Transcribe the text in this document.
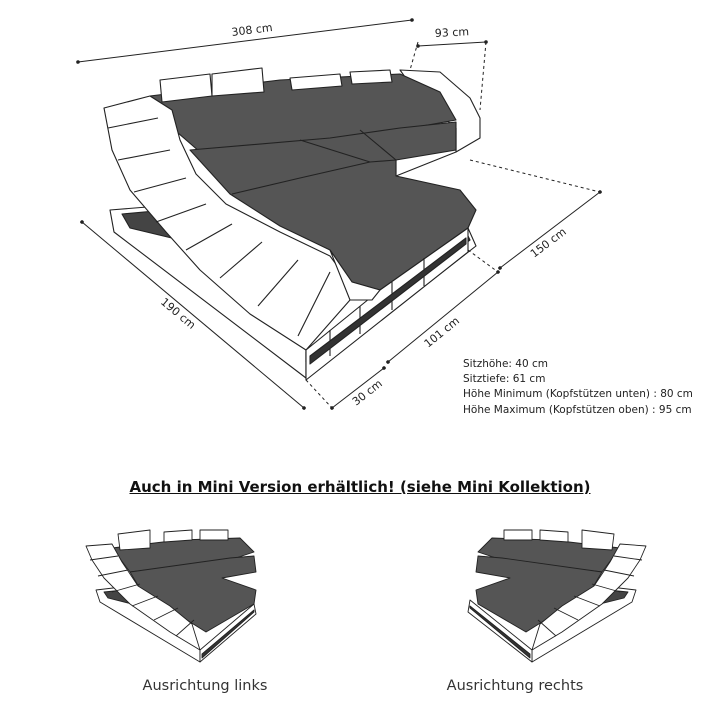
308 cm	93 cm
150 cm
190 cm
101 cm
30 cm
Sitzhöhe: 40 cm
Sitztiefe: 61 cm
Höhe Minimum (Kopfstützen unten) : 80 cm
Höhe Maximum (Kopfstützen oben) : 95 cm
Auch in Mini Version erhältlich! (siehe Mini Kollektion)
Ausrichtung links	Ausrichtung rechts
